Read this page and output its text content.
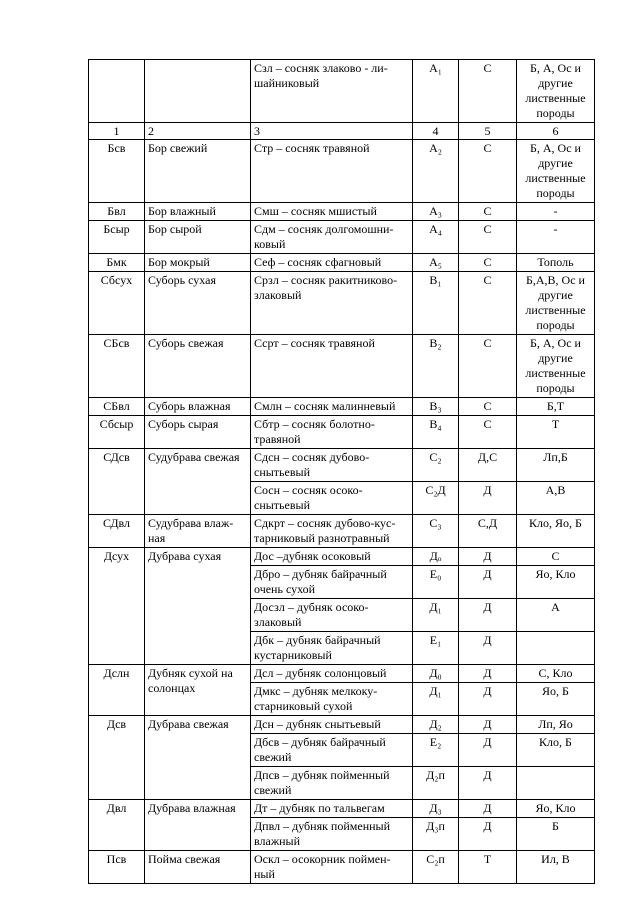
		Сзл – сосняк злаково - ли-шайниковый	А₁	С	Б, А, Ос и другие лиственные породы
1	2	3	4	5	6
Бсв	Бор свежий	Стр – сосняк травяной	А₂	С	Б, А, Ос и другие лиственные породы
Бвл	Бор влажный	Смш – сосняк мшистый	А₃	С	-
Бсыр	Бор сырой	Сдм – сосняк долгомошни-ковый	А₄	С	-
Бмк	Бор мокрый	Сеф – сосняк сфагновый	А₅	С	Тополь
Сбсух	Суборь сухая	Срзл – сосняк ракитниково-злаковый	В₁	С	Б,А,В, Ос и другие лиственные породы
СБсв	Суборь свежая	Ссрт – сосняк травяной	В₂	С	Б, А, Ос и другие лиственные породы
СБвл	Суборь влажная	Смлн – сосняк малинневый	В₃	С	Б,Т
Сбсыр	Суборь сырая	Сбтр – сосняк болотно-травяной	В₄	С	Т
СДсв	Судубрава свежая	Сдсн – сосняк дубово-снытьевый	С₂	Д,С	Лп,Б
		Сосн – сосняк осоко-снытьевый	С₂Д	Д	А,В
СДвл	Судубрава влаж-ная	Сдкрт – сосняк дубово-кус-тарниковый разнотравный	С₃	С,Д	Кло, Яо, Б
Дсух	Дубрава сухая	Дос –дубняк осоковый	Дₒ	Д	С
		Дбро – дубняк байрачный очень сухой	Е₀	Д	Яо, Кло
		Досзл – дубняк осоко-злаковый	Д₁	Д	А
		Дбк – дубняк байрачный кустарниковый	Е₁	Д	
Дслн	Дубняк сухой на солонцах	Дсл – дубняк солонцовый	Д₀	Д	С, Кло
		Дмкс – дубняк мелкоку-старниковый сухой	Д₁	Д	Яо, Б
Дсв	Дубрава свежая	Дсн – дубняк снытьевый	Д₂	Д	Лп, Яо
		Дбсв – дубняк байрачный свежий	Е₂	Д	Кло, Б
		Дпсв – дубняк пойменный свежий	Д₂п	Д	
Двл	Дубрава влажная	Дт – дубняк по тальвегам	Д₃	Д	Яо, Кло
		Дпвл – дубняк пойменный влажный	Д₃п	Д	Б
Псв	Пойма свежая	Оскл – осокорник поймен-ный	С₂п	Т	Ил, В
